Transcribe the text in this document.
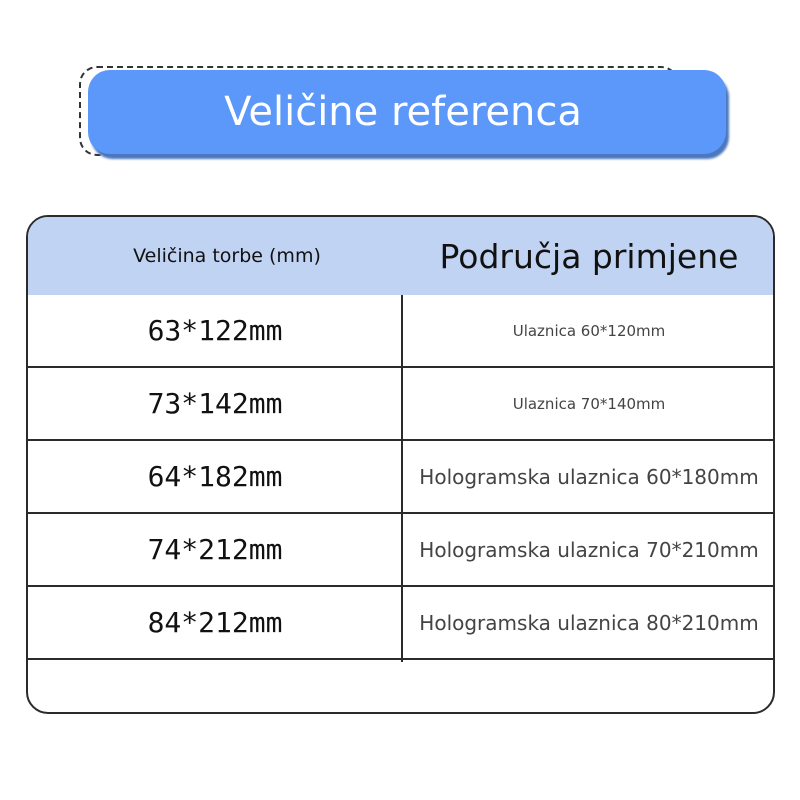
Veličine referenca
Veličina torbe (mm)	Područja primjene
63*122mm	Ulaznica 60*120mm
73*142mm	Ulaznica 70*140mm
64*182mm	Hologramska ulaznica 60*180mm
74*212mm	Hologramska ulaznica 70*210mm
84*212mm	Hologramska ulaznica 80*210mm
